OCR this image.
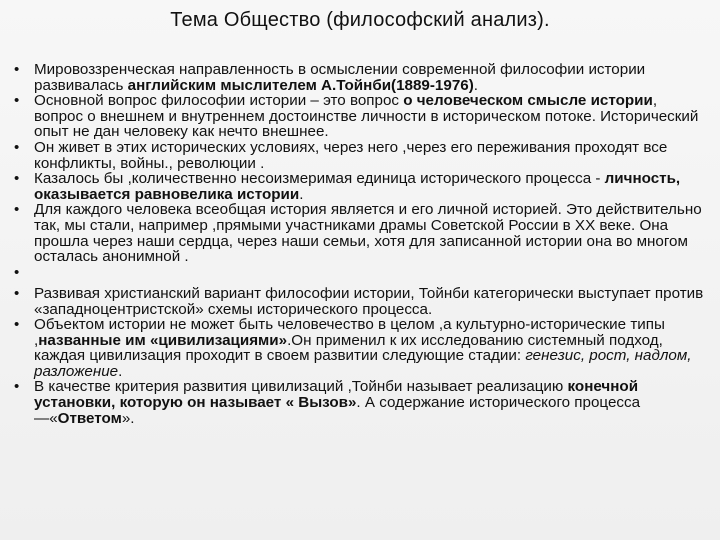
Тема Общество (философский анализ).
• Мировоззренческая направленность в осмыслении современной философии истории развивалась английским мыслителем А.Тойнби(1889-1976).
• Основной вопрос философии истории – это вопрос о человеческом смысле истории, вопрос о внешнем и внутреннем достоинстве личности в историческом потоке. Исторический опыт не дан человеку как нечто внешнее.
• Он живет в этих исторических условиях, через него ,через его переживания проходят все конфликты, войны., революции .
• Казалось бы ,количественно несоизмеримая единица исторического процесса - личность, оказывается равновелика истории.
• Для каждого человека всеобщая история является и его личной историей. Это действительно так, мы стали, например ,прямыми участниками драмы Советской России в ХХ веке. Она прошла через наши сердца, через наши семьи, хотя для записанной истории она во многом осталась анонимной .
•
• Развивая христианский вариант философии истории, Тойнби категорически выступает против «западноцентристской» схемы исторического процесса.
• Объектом истории не может быть человечество в целом ,а культурно-исторические типы ,названные им «цивилизациями».Он применил к их исследованию системный подход, каждая цивилизация проходит в своем развитии следующие стадии: генезис, рост, надлом, разложение.
• В качестве критерия развития цивилизаций ,Тойнби называет реализацию конечной установки, которую он называет « Вызов». А содержание исторического процесса—«Ответом».
